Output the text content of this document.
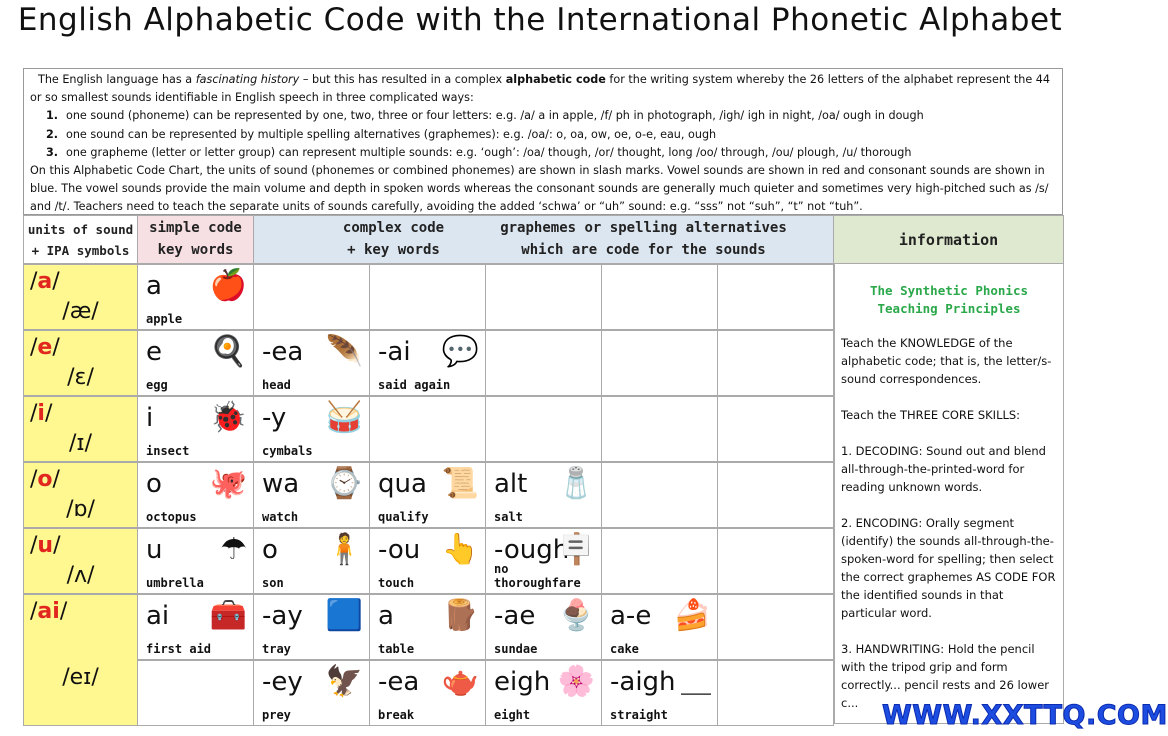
English Alphabetic Code with the International Phonetic Alphabet

The English language has a fascinating history – but this has resulted in a complex alphabetic code for the writing system whereby the 26 letters of the alphabet represent the 44 or so smallest sounds identifiable in English speech in three complicated ways:

1. one sound (phoneme) can be represented by one, two, three or four letters: e.g. /a/ a in apple, /f/ ph in photograph, /igh/ igh in night, /oa/ ough in dough
2. one sound can be represented by multiple spelling alternatives (graphemes): e.g. /oa/: o, oa, ow, oe, o-e, eau, ough
3. one grapheme (letter or letter group) can represent multiple sounds: e.g. ‘ough’: /oa/ though, /or/ thought, long /oo/ through, /ou/ plough, /u/ thorough

On this Alphabetic Code Chart, the units of sound (phonemes or combined phonemes) are shown in slash marks. Vowel sounds are shown in red and consonant sounds are shown in blue. The vowel sounds provide the main volume and depth in spoken words whereas the consonant sounds are generally much quieter and sometimes very high-pitched such as /s/ and /t/. Teachers need to teach the separate units of sounds carefully, avoiding the added ‘schwa’ or “uh” sound: e.g. “sss” not “suh”, “t” not “tuh”.

units of sound
+ IPA symbols
simple code
key words
complex code
+ key words
graphemes or spelling alternatives
which are code for the sounds
information
/a/
/æ/
a
apple
🍎
/e/
/ɛ/
e
egg
🍳 -ea
head
🪶 -ai
said again
💬
/i/
/ɪ/
i
insect
🐞 -y
cymbals
🥁
/o/
/ɒ/
o
octopus
🐙 wa
watch
⌚ qua
qualify
📜 alt
salt
🧂
/u/
/ʌ/
u
umbrella
☂ o
son
🧍 -ou
touch
👆 -ough
no thoroughfare
🪧
/ai/
/eɪ/
ai
first aid
🧰 -ay
tray
🟦 a
table
🪵 -ae
sundae
🍨 a-e
cake
🍰
-ey
prey
🦅 -ea
break
🫖 eigh
eight
🌸 -aigh
straight
＿
The Synthetic Phonics
Teaching Principles

Teach the KNOWLEDGE of the alphabetic code; that is, the letter/s-sound correspondences.

Teach the THREE CORE SKILLS:

1. DECODING: Sound out and blend all-through-the-printed-word for reading unknown words.

2. ENCODING: Orally segment (identify) the sounds all-through-the-spoken-word for spelling; then select the correct graphemes AS CODE FOR the identified sounds in that particular word.

3. HANDWRITING: Hold the pencil with the tripod grip and form correctly... pencil rests and 26 lower c... WWW.XXTTQ.COM
